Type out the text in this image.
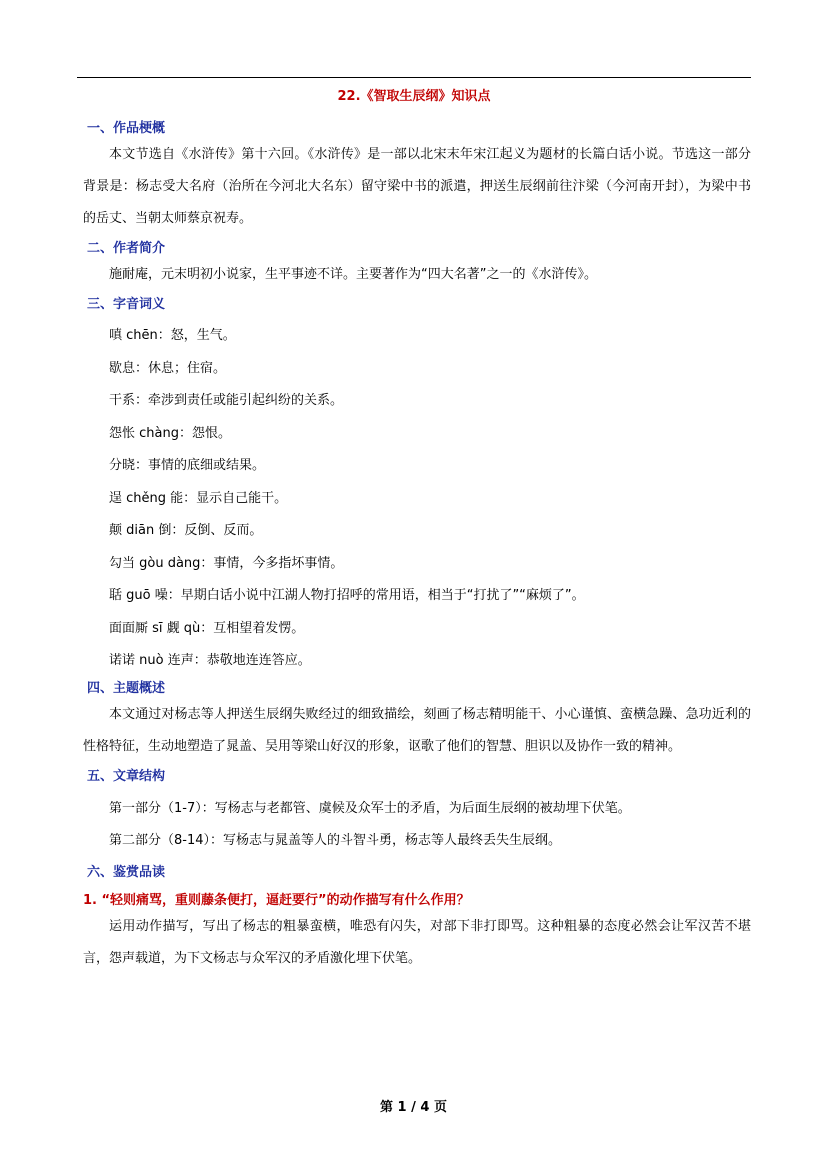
22.《智取生辰纲》知识点
一、作品梗概

本文节选自《水浒传》第十六回。《水浒传》是一部以北宋末年宋江起义为题材的长篇白话小说。节选这一部分背景是：杨志受大名府（治所在今河北大名东）留守梁中书的派遣，押送生辰纲前往汴梁（今河南开封），为梁中书的岳丈、当朝太师蔡京祝寿。

二、作者简介

施耐庵，元末明初小说家，生平事迹不详。主要著作为“四大名著”之一的《水浒传》。

三、字音词义
嗔 chēn：怒，生气。
歇息：休息；住宿。
干系：牵涉到责任或能引起纠纷的关系。
怨怅 chàng：怨恨。
分晓：事情的底细或结果。
逞 chěng 能：显示自己能干。
颠 diān 倒：反倒、反而。
勾当 gòu dàng：事情，今多指坏事情。
聒 guō 噪：早期白话小说中江湖人物打招呼的常用语，相当于“打扰了”“麻烦了”。
面面厮 sī 觑 qù：互相望着发愣。
诺诺 nuò 连声：恭敬地连连答应。
四、主题概述

本文通过对杨志等人押送生辰纲失败经过的细致描绘，刻画了杨志精明能干、小心谨慎、蛮横急躁、急功近利的性格特征，生动地塑造了晁盖、吴用等梁山好汉的形象，讴歌了他们的智慧、胆识以及协作一致的精神。

五、文章结构
第一部分（1-7）：写杨志与老都管、虞候及众军士的矛盾，为后面生辰纲的被劫埋下伏笔。
第二部分（8-14）：写杨志与晁盖等人的斗智斗勇，杨志等人最终丢失生辰纲。
六、鉴赏品读
1. “轻则痛骂，重则藤条便打，逼赶要行”的动作描写有什么作用？

运用动作描写，写出了杨志的粗暴蛮横，唯恐有闪失，对部下非打即骂。这种粗暴的态度必然会让军汉苦不堪言，怨声载道，为下文杨志与众军汉的矛盾激化埋下伏笔。

第 1 / 4 页
